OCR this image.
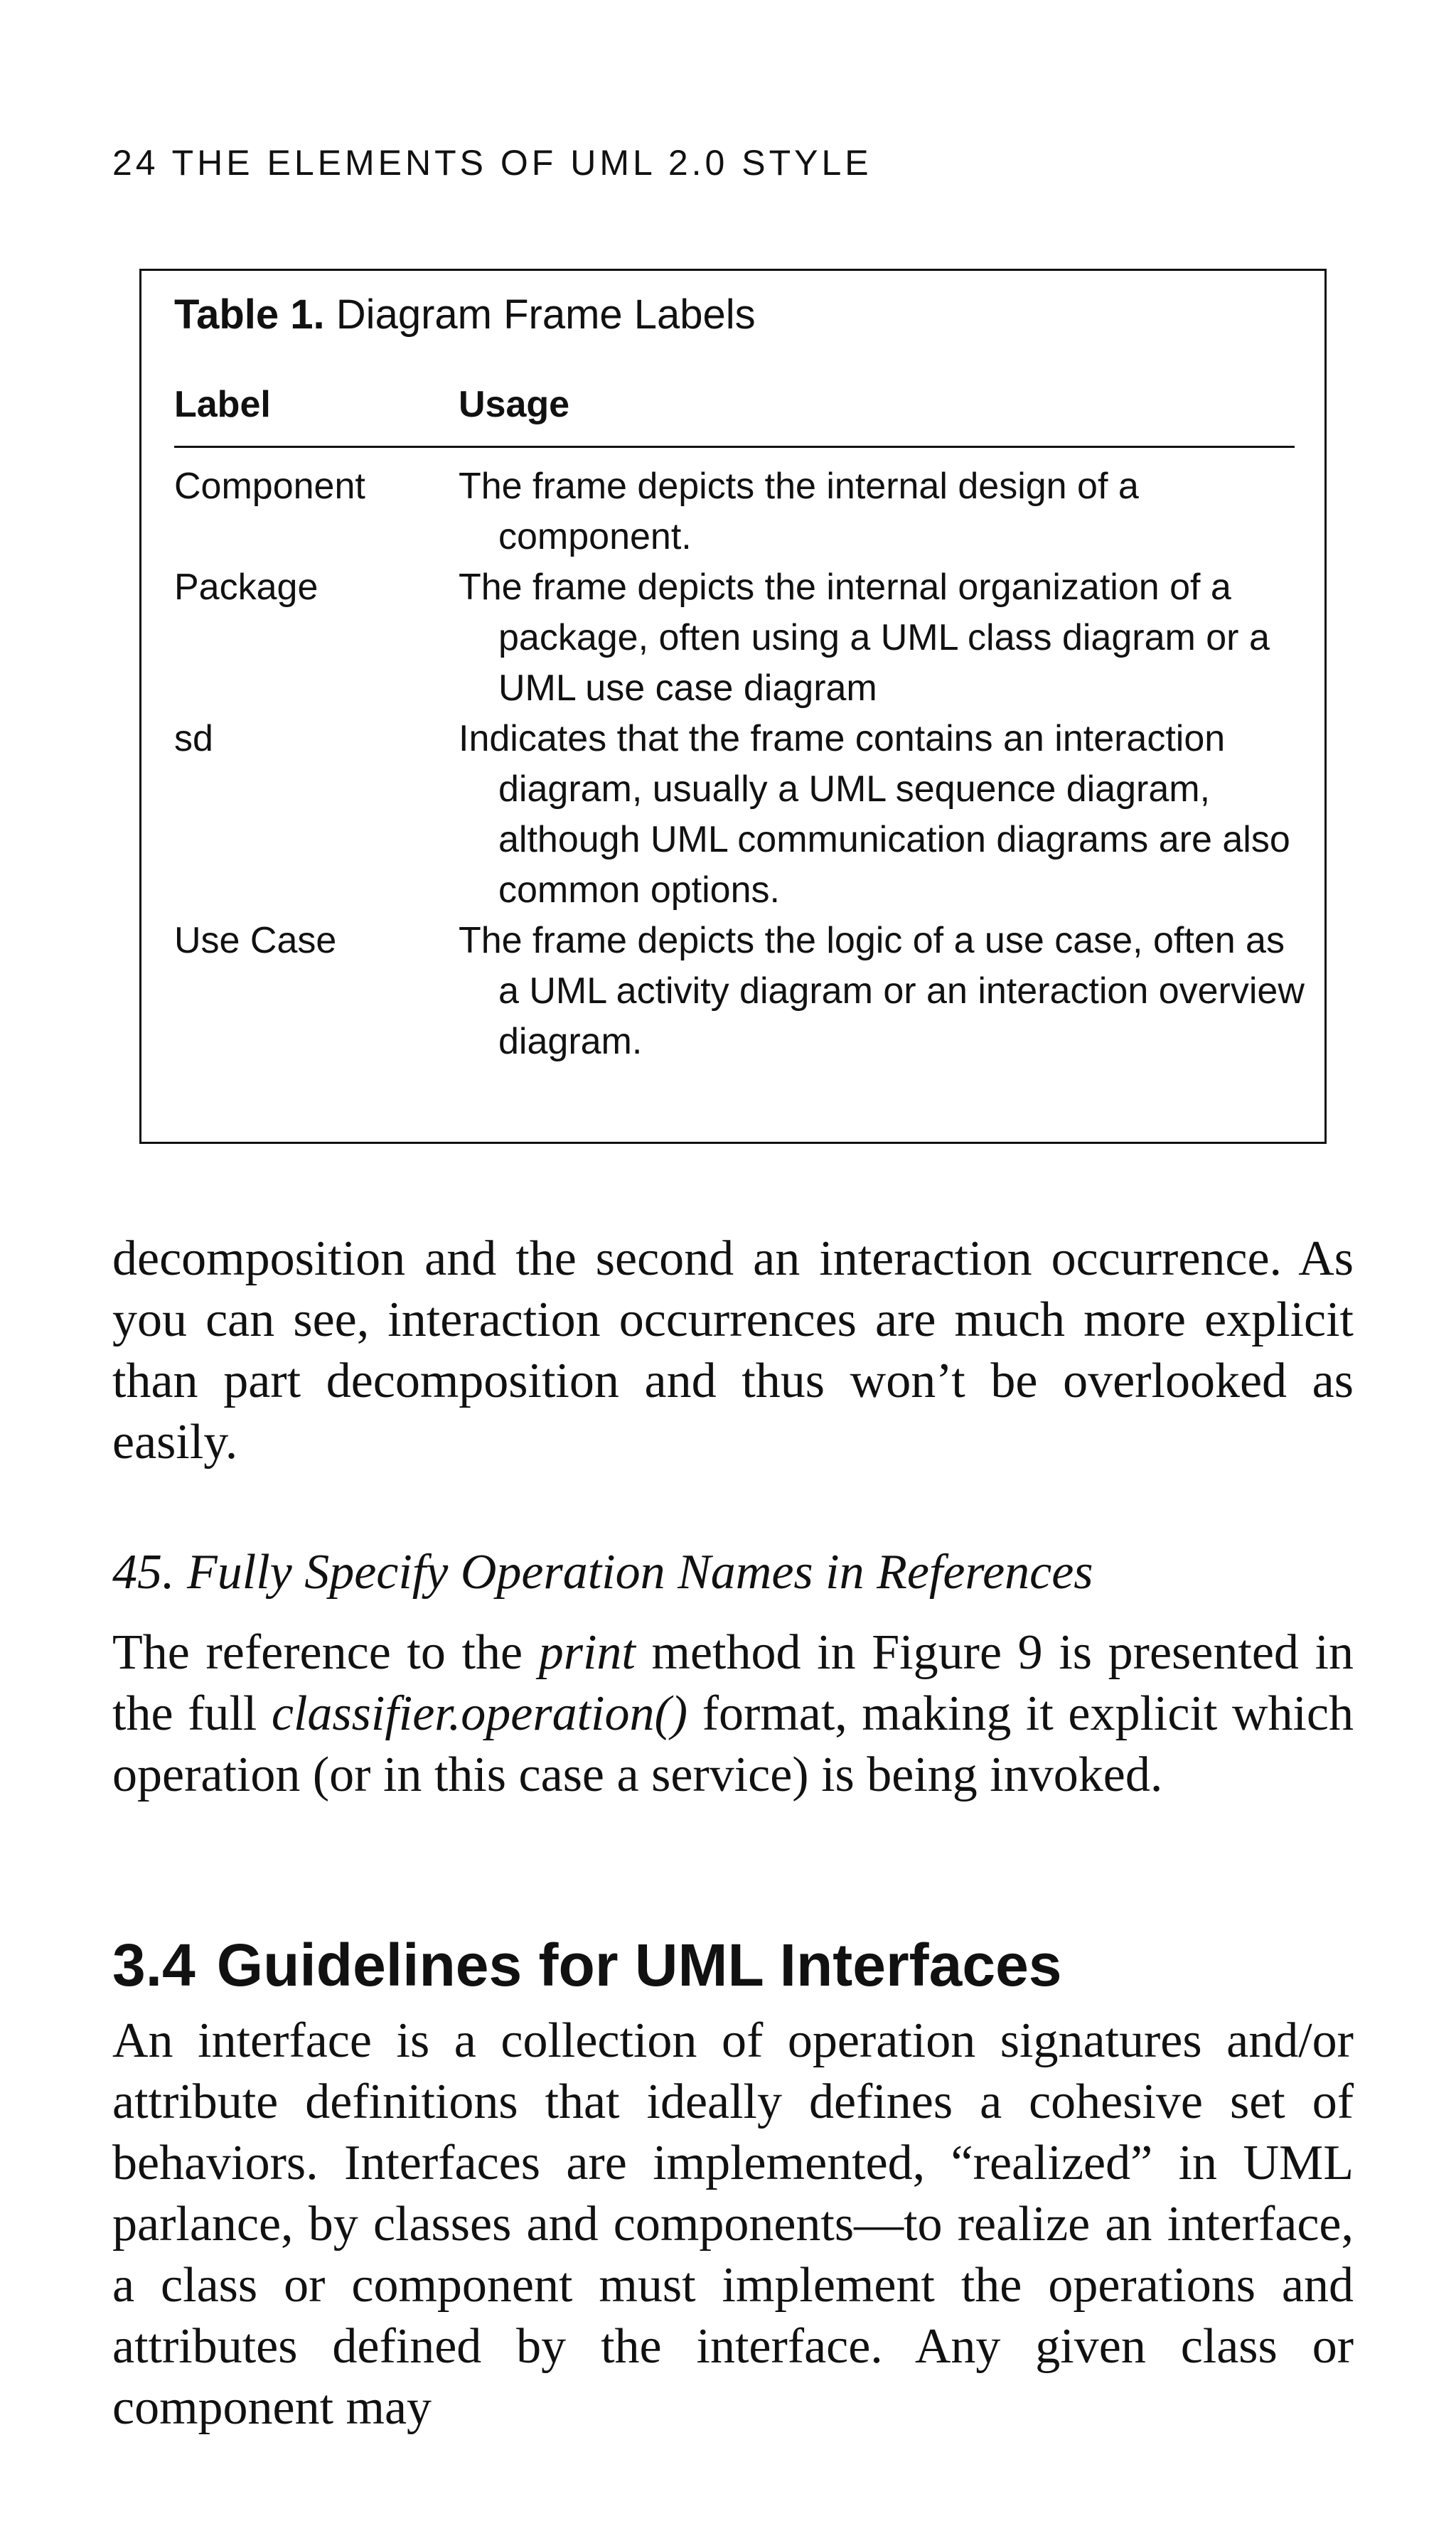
24 THE ELEMENTS OF UML 2.0 STYLE
Table 1. Diagram Frame Labels
Label	Usage
Component	The frame depicts the internal design of a component.
Package	The frame depicts the internal organization of a package, often using a UML class diagram or a UML use case diagram
sd	Indicates that the frame contains an interaction diagram, usually a UML sequence diagram, although UML communication diagrams are also common options.
Use Case	The frame depicts the logic of a use case, often as a UML activity diagram or an interaction overview diagram.
decomposition and the second an interaction occurrence. As you can see, interaction occurrences are much more explicit than part decomposition and thus won’t be overlooked as easily.
45. Fully Specify Operation Names in References
The reference to the print method in Figure 9 is presented in the full classifier.operation() format, making it explicit which operation (or in this case a service) is being invoked.
3.4 Guidelines for UML Interfaces
An interface is a collection of operation signatures and/or attribute definitions that ideally defines a cohesive set of behaviors. Interfaces are implemented, “realized” in UML parlance, by classes and components—to realize an interface, a class or component must implement the operations and attributes defined by the interface. Any given class or component may
